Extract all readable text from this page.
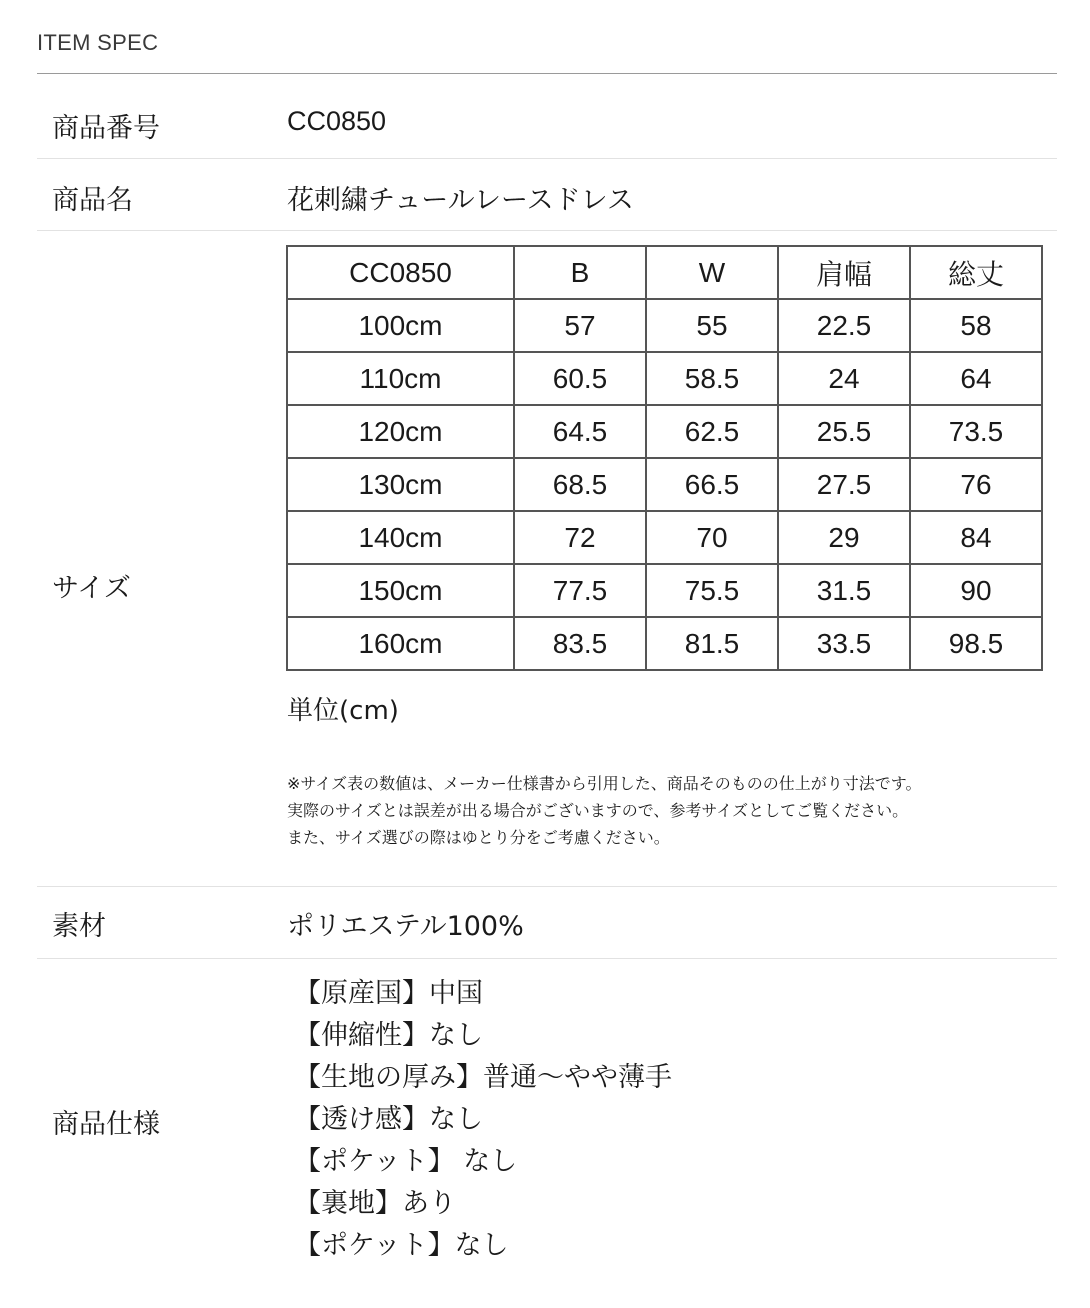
ITEM SPEC
商品番号	CC0850
商品名	花刺繍チュールレースドレス
サイズ
CC0850	B	W	肩幅	総丈
100cm	57	55	22.5	58
110cm	60.5	58.5	24	64
120cm	64.5	62.5	25.5	73.5
130cm	68.5	66.5	27.5	76
140cm	72	70	29	84
150cm	77.5	75.5	31.5	90
160cm	83.5	81.5	33.5	98.5
単位(cm)
※サイズ表の数値は、メーカー仕様書から引用した、商品そのものの仕上がり寸法です。
実際のサイズとは誤差が出る場合がございますので、参考サイズとしてご覧ください。
また、サイズ選びの際はゆとり分をご考慮ください。
素材	ポリエステル100%
商品仕様
【原産国】中国
【伸縮性】なし
【生地の厚み】普通〜やや薄手
【透け感】なし
【ポケット】 なし
【裏地】あり
【ポケット】なし
